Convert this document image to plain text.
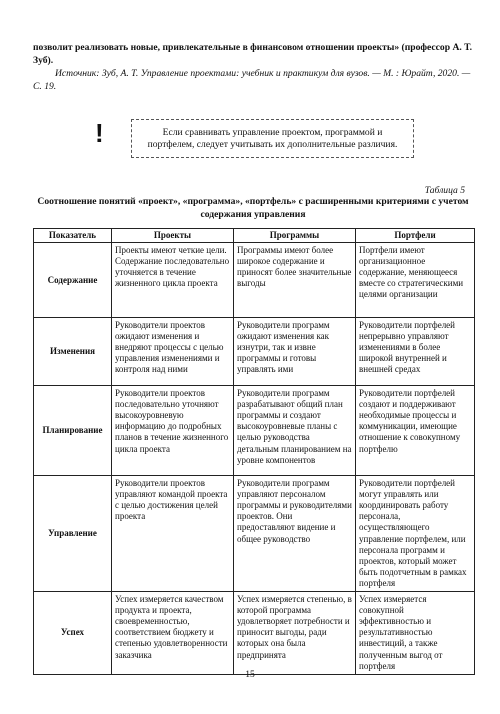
позволит реализовать новые, привлекательные в финансовом отношении проекты» (профессор А. Т. Зуб).
Источник: Зуб, А. Т. Управление проектами: учебник и практикум для вузов. — М. : Юрайт, 2020. — С. 19.
!	Если сравнивать управление проектом, программой и портфелем, следует учитывать их дополнительные различия.
Таблица 5
Соотношение понятий «проект», «программа», «портфель» с расширенными критериями с учетом содержания управления
Показатель	Проекты	Программы	Портфели
Содержание	Проекты имеют четкие цели. Содержание последовательно уточняется в течение жизненного цикла проекта	Программы имеют более широкое содержание и приносят более значительные выгоды	Портфели имеют организационное содержание, меняющееся вместе со стратегическими целями организации
Изменения	Руководители проектов ожидают изменения и внедряют процессы с целью управления изменениями и контроля над ними	Руководители программ ожидают изменения как изнутри, так и извне программы и готовы управлять ими	Руководители портфелей непрерывно управляют изменениями в более широкой внутренней и внешней средах
Планирование	Руководители проектов последовательно уточняют высокоуровневую информацию до подробных планов в течение жизненного цикла проекта	Руководители программ разрабатывают общий план программы и создают высокоуровневые планы с целью руководства детальным планированием на уровне компонентов	Руководители портфелей создают и поддерживают необходимые процессы и коммуникации, имеющие отношение к совокупному портфелю
Управление	Руководители проектов управляют командой проекта с целью достижения целей проекта	Руководители программ управляют персоналом программы и руководителями проектов. Они предоставляют видение и общее руководство	Руководители портфелей могут управлять или координировать работу персонала, осуществляющего управление портфелем, или персонала программ и проектов, который может быть подотчетным в рамках портфеля
Успех	Успех измеряется качеством продукта и проекта, своевременностью, соответствием бюджету и степенью удовлетворенности заказчика	Успех измеряется степенью, в которой программа удовлетворяет потребности и приносит выгоды, ради которых она была предпринята	Успех измеряется совокупной эффективностью и результативностью инвестиций, а также полученным выгод от портфеля
15
